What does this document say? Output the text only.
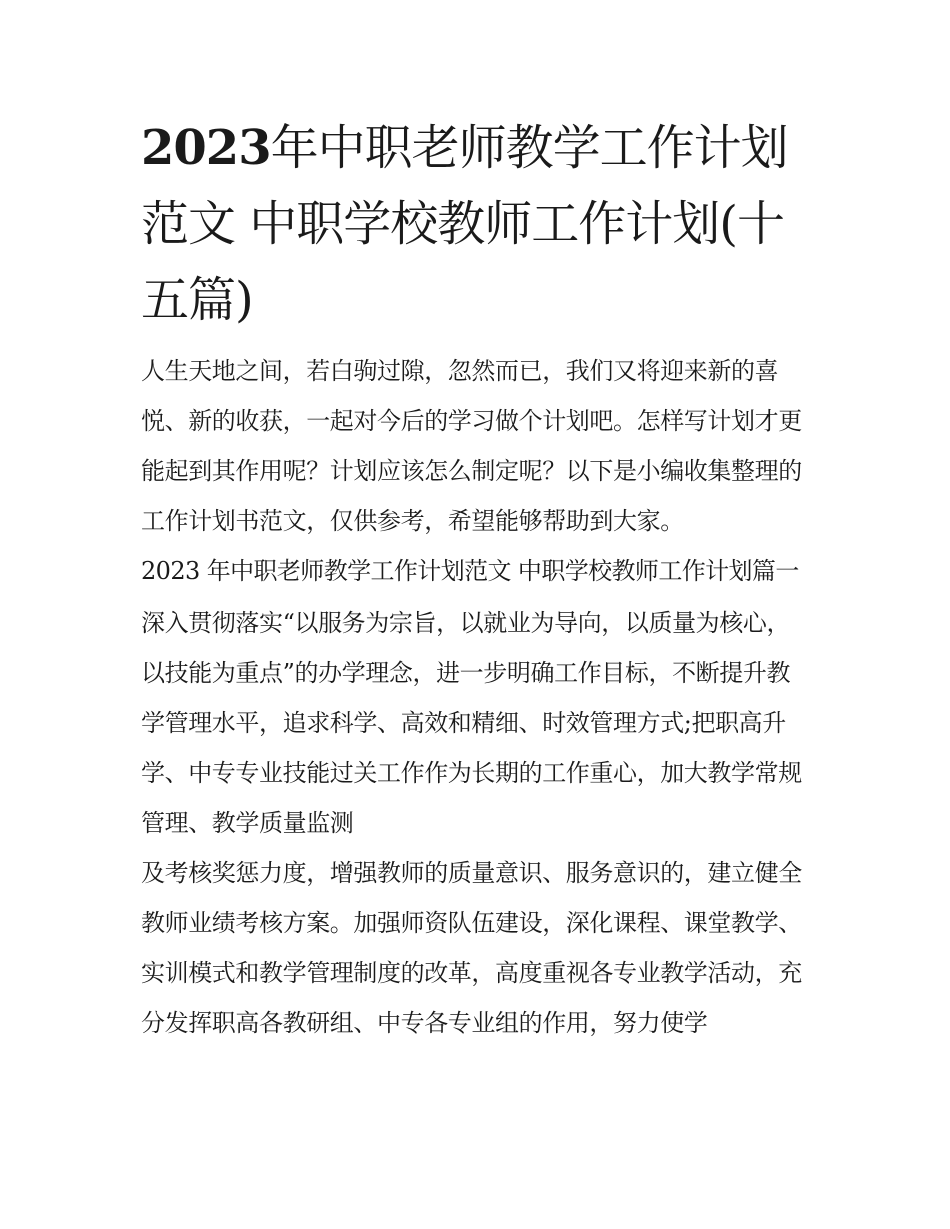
2023年中职老师教学工作计划范文 中职学校教师工作计划(十五篇)

人生天地之间，若白驹过隙，忽然而已，我们又将迎来新的喜悦、新的收获，一起对今后的学习做个计划吧。怎样写计划才更能起到其作用呢？计划应该怎么制定呢？以下是小编收集整理的工作计划书范文，仅供参考，希望能够帮助到大家。

2023 年中职老师教学工作计划范文 中职学校教师工作计划篇一

深入贯彻落实“以服务为宗旨，以就业为导向，以质量为核心，以技能为重点”的办学理念，进一步明确工作目标，不断提升教学管理水平，追求科学、高效和精细、时效管理方式;把职高升学、中专专业技能过关工作作为长期的工作重心，加大教学常规管理、教学质量监测

及考核奖惩力度，增强教师的质量意识、服务意识的，建立健全教师业绩考核方案。加强师资队伍建设，深化课程、课堂教学、实训模式和教学管理制度的改革，高度重视各专业教学活动，充分发挥职高各教研组、中专各专业组的作用，努力使学
